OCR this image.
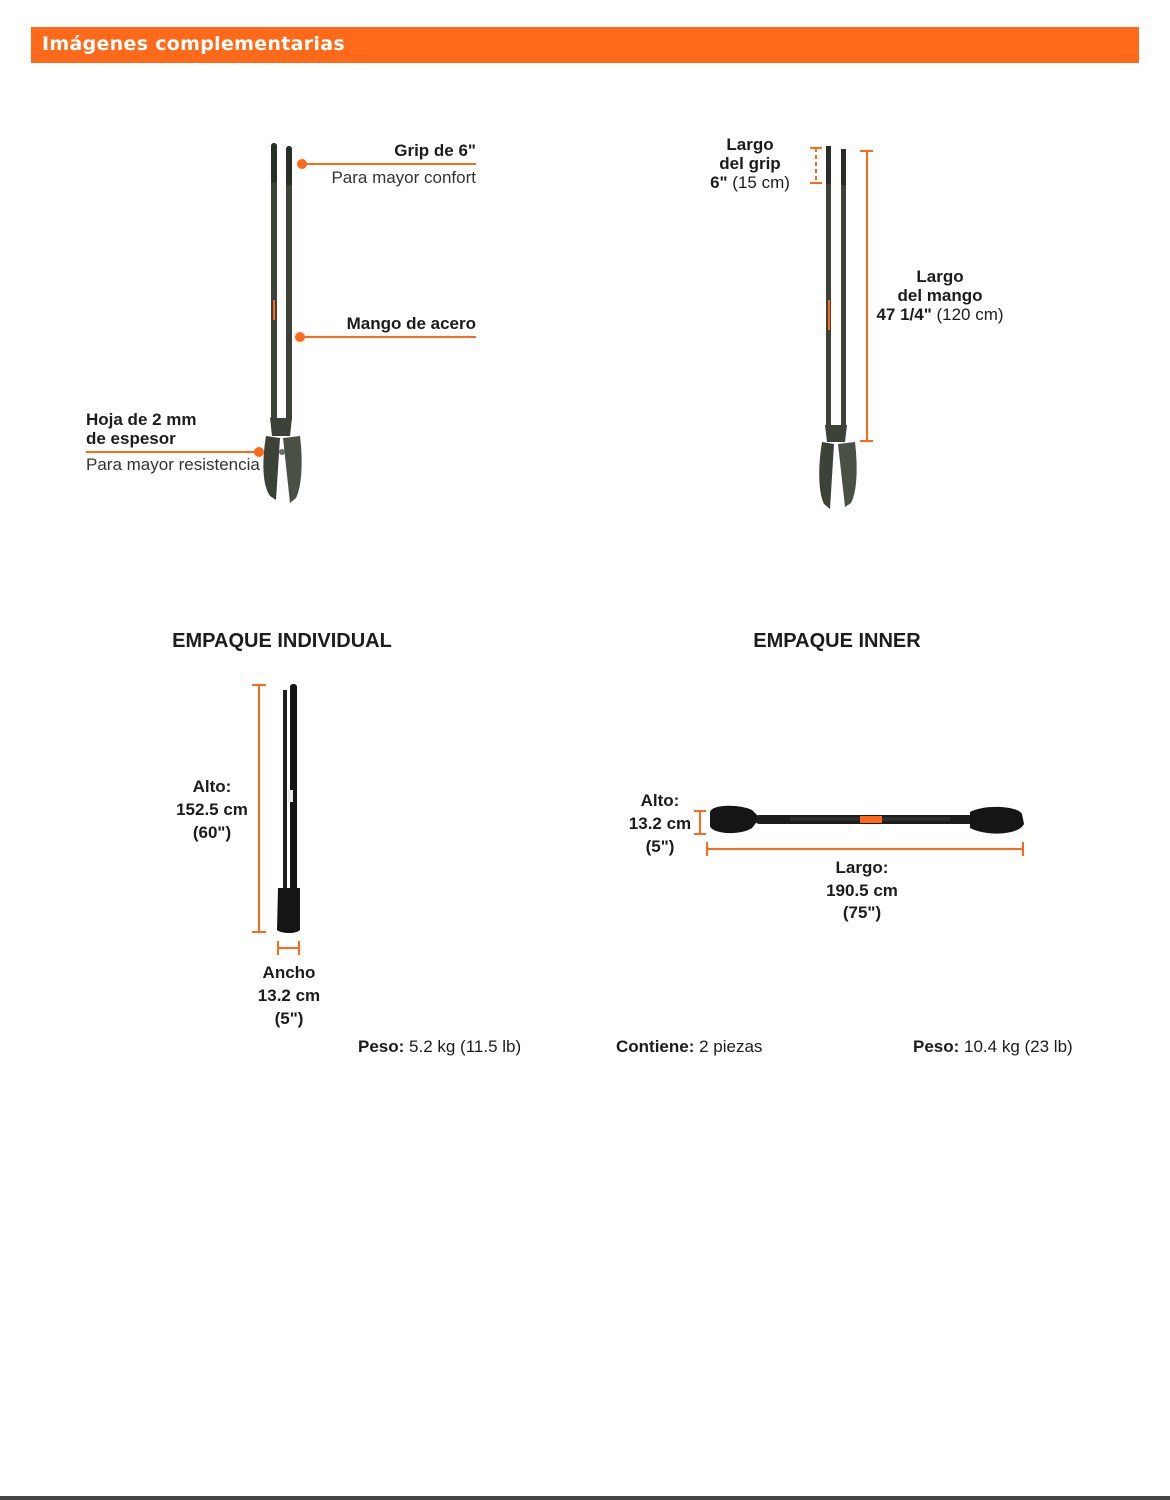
Imágenes complementarias
Grip de 6"
Para mayor confort
Mango de acero
Hoja de 2 mm
de espesor
Para mayor resistencia
Largo
del grip
6" (15 cm)
Largo
del mango
47 1/4" (120 cm)
EMPAQUE INDIVIDUAL
Alto:
152.5 cm
(60")
Ancho
13.2 cm
(5")
Peso: 5.2 kg (11.5 lb)
EMPAQUE INNER
Alto:
13.2 cm
(5")
Largo:
190.5 cm
(75")
Contiene: 2 piezas	Peso: 10.4 kg (23 lb)
